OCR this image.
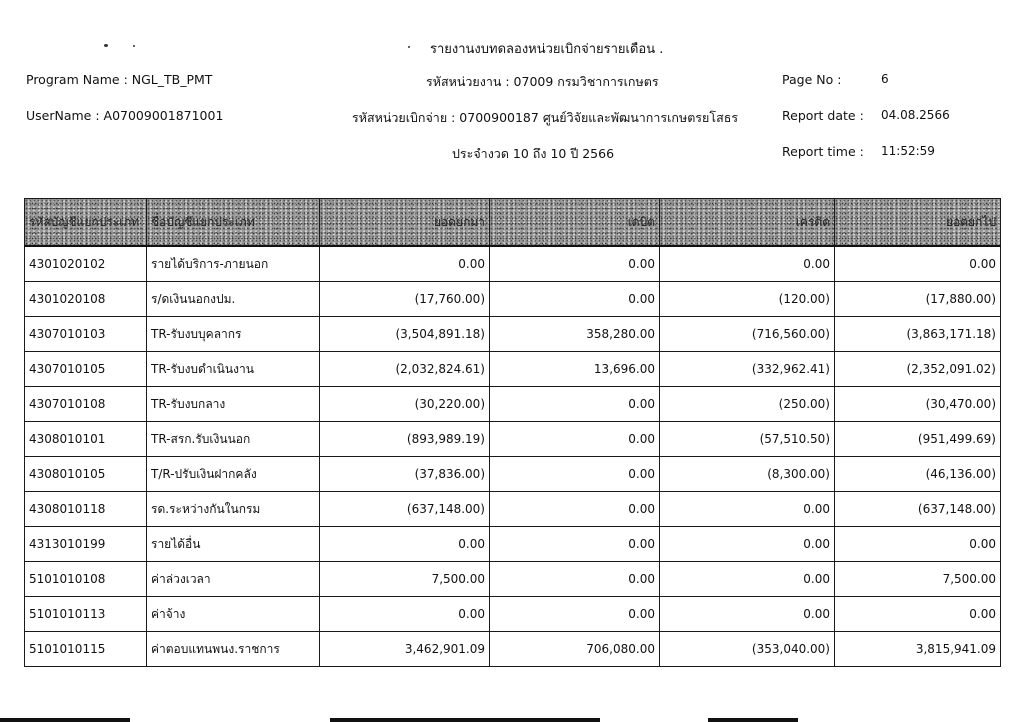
รายงานงบทดลองหน่วยเบิกจ่ายรายเดือน .
Program Name : NGL_TB_PMT
UserName : A07009001871001
รหัสหน่วยงาน : 07009 กรมวิชาการเกษตร
รหัสหน่วยเบิกจ่าย : 0700900187 ศูนย์วิจัยและพัฒนาการเกษตรยโสธร
ประจำงวด 10 ถึง 10 ปี 2566
Page No :	6
Report date : 04.08.2566
Report time : 11:52:59
รหัสบัญชีแยกประเภท	ชื่อบัญชีแยกประเภท	ยอดยกมา	เดบิต	เครดิต	ยอดยกไป
4301020102	รายได้บริการ-ภายนอก	0.00	0.00	0.00	0.00
4301020108	ร/ดเงินนอกงปม.	(17,760.00)	0.00	(120.00)	(17,880.00)
4307010103	TR-รับงบบุคลากร	(3,504,891.18)	358,280.00	(716,560.00)	(3,863,171.18)
4307010105	TR-รับงบดำเนินงาน	(2,032,824.61)	13,696.00	(332,962.41)	(2,352,091.02)
4307010108	TR-รับงบกลาง	(30,220.00)	0.00	(250.00)	(30,470.00)
4308010101	TR-สรก.รับเงินนอก	(893,989.19)	0.00	(57,510.50)	(951,499.69)
4308010105	T/R-ปรับเงินฝากคลัง	(37,836.00)	0.00	(8,300.00)	(46,136.00)
4308010118	รด.ระหว่างกันในกรม	(637,148.00)	0.00	0.00	(637,148.00)
4313010199	รายได้อื่น	0.00	0.00	0.00	0.00
5101010108	ค่าล่วงเวลา	7,500.00	0.00	0.00	7,500.00
5101010113	ค่าจ้าง	0.00	0.00	0.00	0.00
5101010115	ค่าตอบแทนพนง.ราชการ	3,462,901.09	706,080.00	(353,040.00)	3,815,941.09
